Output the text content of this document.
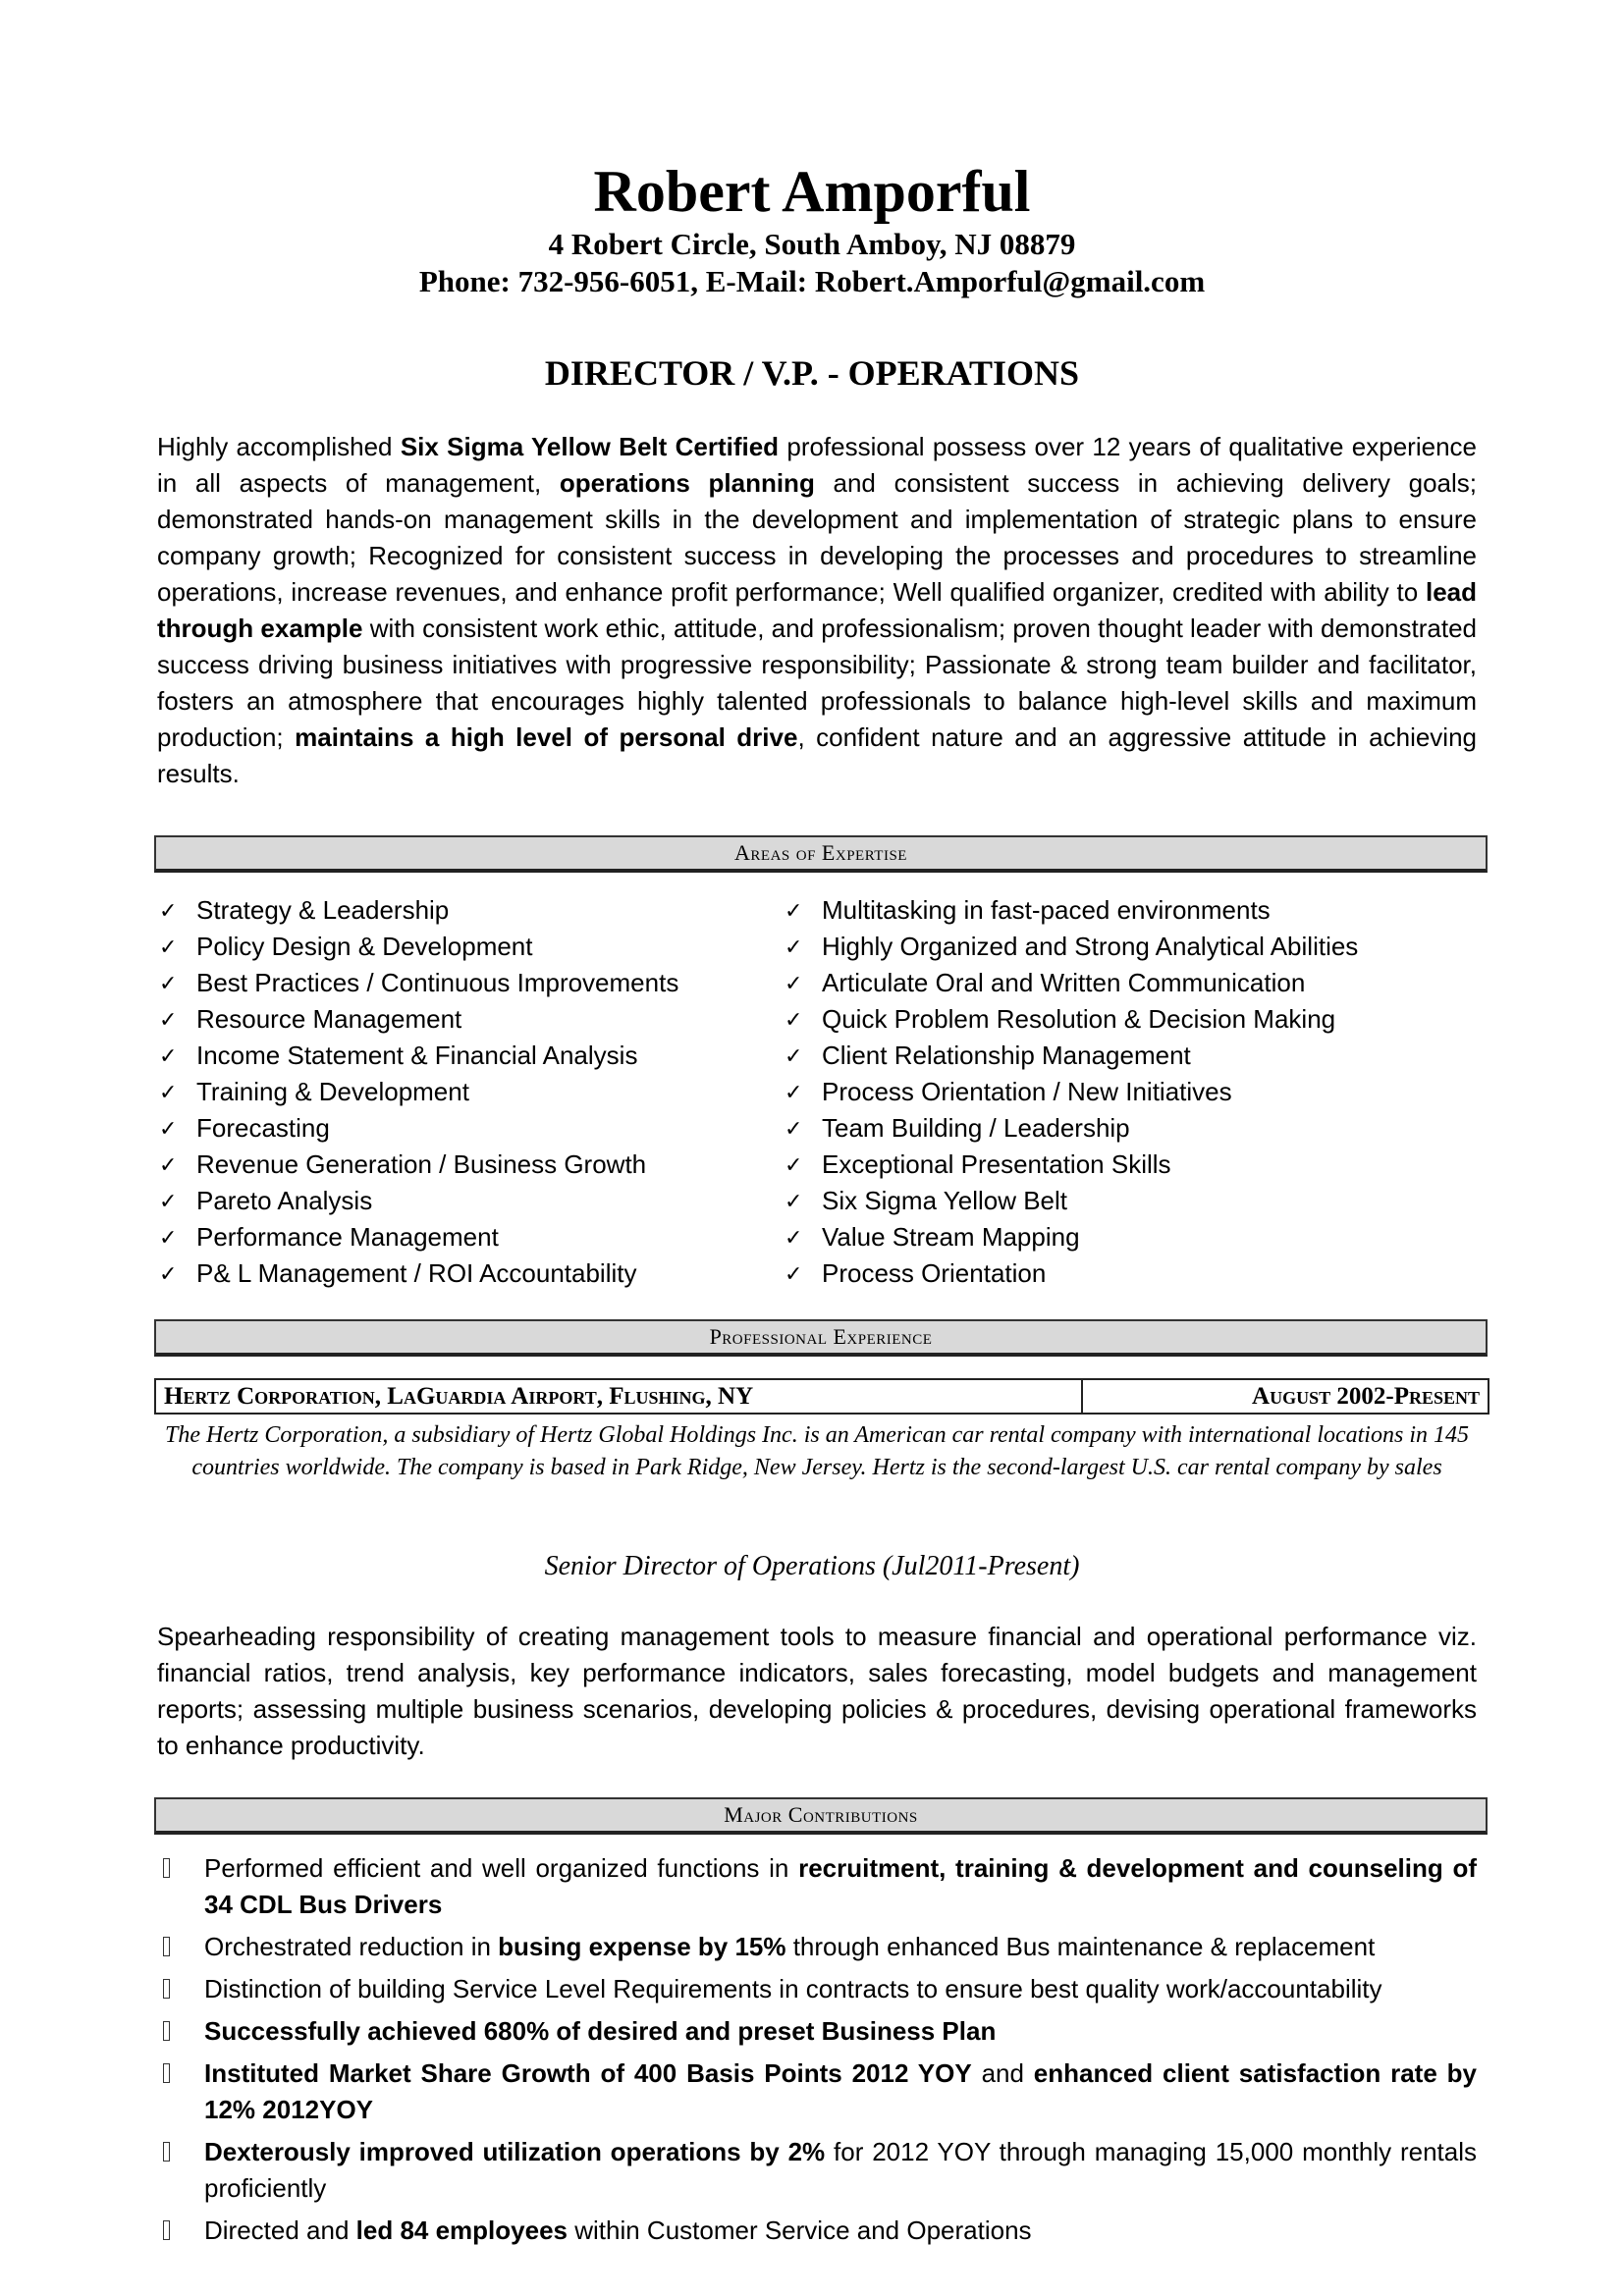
Robert Amporful
4 Robert Circle, South Amboy, NJ 08879
Phone: 732-956-6051, E-Mail: Robert.Amporful@gmail.com
DIRECTOR / V.P. - OPERATIONS
Highly accomplished Six Sigma Yellow Belt Certified professional possess over 12 years of qualitative experience in all aspects of management, operations planning and consistent success in achieving delivery goals; demonstrated hands-on management skills in the development and implementation of strategic plans to ensure company growth; Recognized for consistent success in developing the processes and procedures to streamline operations, increase revenues, and enhance profit performance; Well qualified organizer, credited with ability to lead through example with consistent work ethic, attitude, and professionalism; proven thought leader with demonstrated success driving business initiatives with progressive responsibility; Passionate & strong team builder and facilitator, fosters an atmosphere that encourages highly talented professionals to balance high-level skills and maximum production; maintains a high level of personal drive, confident nature and an aggressive attitude in achieving results.
Areas of Expertise
✓ Strategy & Leadership
✓ Policy Design & Development
✓ Best Practices / Continuous Improvements
✓ Resource Management
✓ Income Statement & Financial Analysis
✓ Training & Development
✓ Forecasting
✓ Revenue Generation / Business Growth
✓ Pareto Analysis
✓ Performance Management
✓ P& L Management / ROI Accountability
✓ Multitasking in fast-paced environments
✓ Highly Organized and Strong Analytical Abilities
✓ Articulate Oral and Written Communication
✓ Quick Problem Resolution & Decision Making
✓ Client Relationship Management
✓ Process Orientation / New Initiatives
✓ Team Building / Leadership
✓ Exceptional Presentation Skills
✓ Six Sigma Yellow Belt
✓ Value Stream Mapping
✓ Process Orientation
Professional Experience
Hertz Corporation, LaGuardia Airport, Flushing, NY	August 2002-Present
The Hertz Corporation, a subsidiary of Hertz Global Holdings Inc. is an American car rental company with international locations in 145 countries worldwide. The company is based in Park Ridge, New Jersey. Hertz is the second-largest U.S. car rental company by sales
Senior Director of Operations (Jul2011-Present)
Spearheading responsibility of creating management tools to measure financial and operational performance viz. financial ratios, trend analysis, key performance indicators, sales forecasting, model budgets and management reports; assessing multiple business scenarios, developing policies & procedures, devising operational frameworks to enhance productivity.
Major Contributions
Performed efficient and well organized functions in recruitment, training & development and counseling of 34 CDL Bus Drivers
Orchestrated reduction in busing expense by 15% through enhanced Bus maintenance & replacement
Distinction of building Service Level Requirements in contracts to ensure best quality work/accountability
Successfully achieved 680% of desired and preset Business Plan
Instituted Market Share Growth of 400 Basis Points 2012 YOY and enhanced client satisfaction rate by 12% 2012YOY
Dexterously improved utilization operations by 2% for 2012 YOY through managing 15,000 monthly rentals proficiently
Directed and led 84 employees within Customer Service and Operations
